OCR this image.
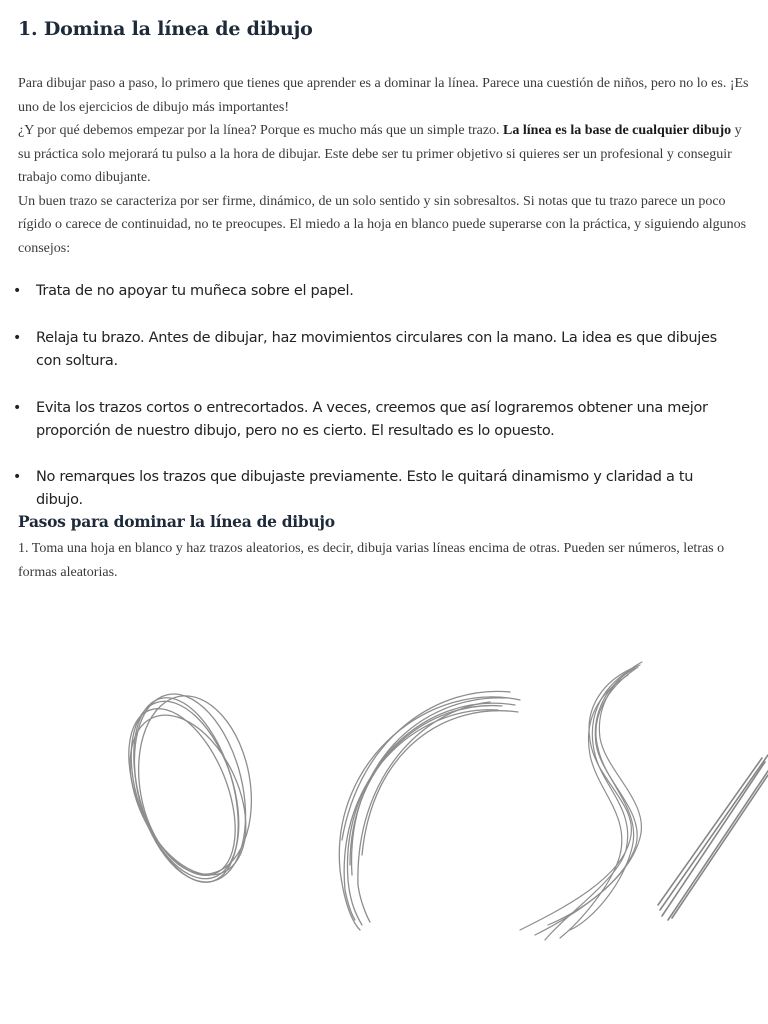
1. Domina la línea de dibujo

Para dibujar paso a paso, lo primero que tienes que aprender es a dominar la línea. Parece una cuestión de niños, pero no lo es. ¡Es uno de los ejercicios de dibujo más importantes!

¿Y por qué debemos empezar por la línea? Porque es mucho más que un simple trazo. La línea es la base de cualquier dibujo y su práctica solo mejorará tu pulso a la hora de dibujar. Este debe ser tu primer objetivo si quieres ser un profesional y conseguir trabajo como dibujante.

Un buen trazo se caracteriza por ser firme, dinámico, de un solo sentido y sin sobresaltos. Si notas que tu trazo parece un poco rígido o carece de continuidad, no te preocupes. El miedo a la hoja en blanco puede superarse con la práctica, y siguiendo algunos consejos:

• Trata de no apoyar tu muñeca sobre el papel.
• Relaja tu brazo. Antes de dibujar, haz movimientos circulares con la mano. La idea es que dibujes con soltura.
• Evita los trazos cortos o entrecortados. A veces, creemos que así lograremos obtener una mejor proporción de nuestro dibujo, pero no es cierto. El resultado es lo opuesto.
• No remarques los trazos que dibujaste previamente. Esto le quitará dinamismo y claridad a tu dibujo.
Pasos para dominar la línea de dibujo

1. Toma una hoja en blanco y haz trazos aleatorios, es decir, dibuja varias líneas encima de otras. Pueden ser números, letras o formas aleatorias.
